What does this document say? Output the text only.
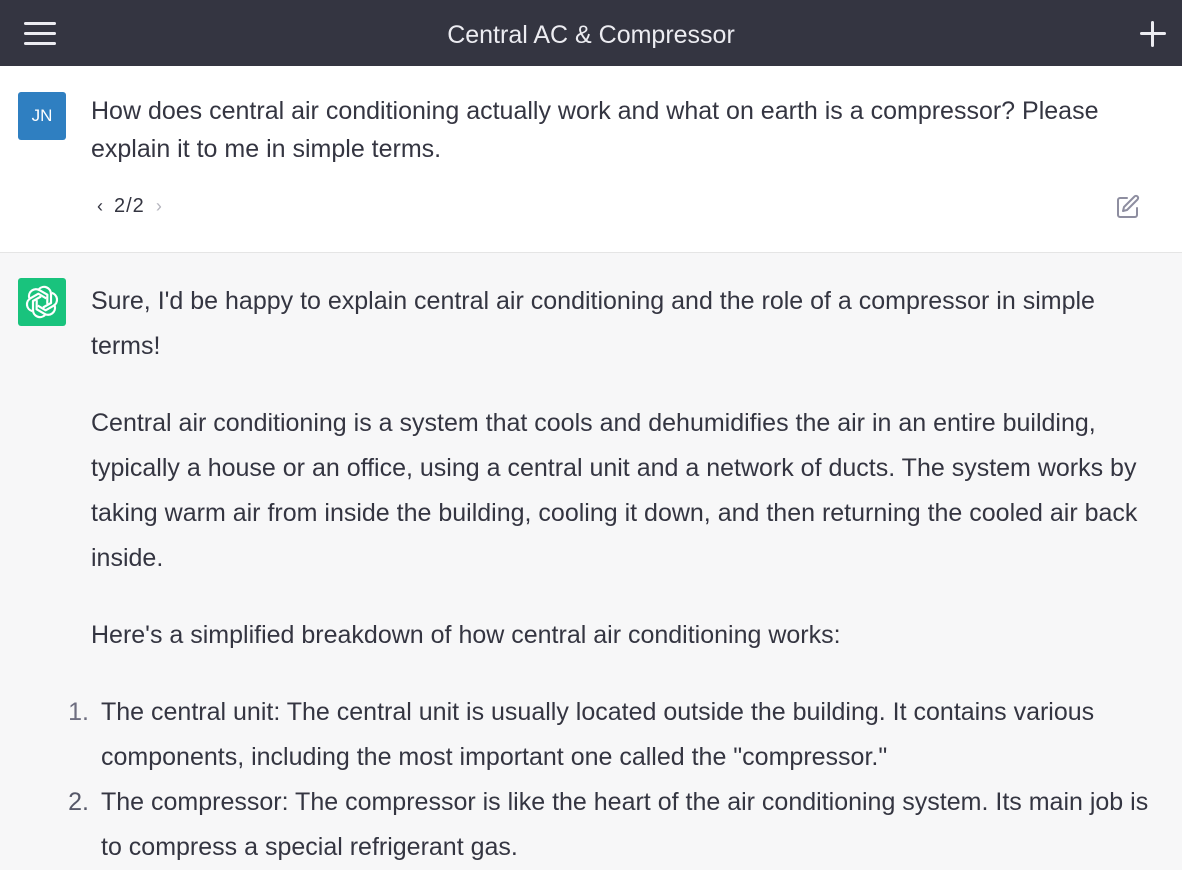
Central AC & Compressor
JN	How does central air conditioning actually work and what on earth is a compressor? Please explain it to me in simple terms.

‹ 2/2 ›

Sure, I'd be happy to explain central air conditioning and the role of a compressor in simple terms!

Central air conditioning is a system that cools and dehumidifies the air in an entire building, typically a house or an office, using a central unit and a network of ducts. The system works by taking warm air from inside the building, cooling it down, and then returning the cooled air back inside.

Here's a simplified breakdown of how central air conditioning works:

1. The central unit: The central unit is usually located outside the building. It contains various components, including the most important one called the "compressor."
2. The compressor: The compressor is like the heart of the air conditioning system. Its main job is to compress a special refrigerant gas.
